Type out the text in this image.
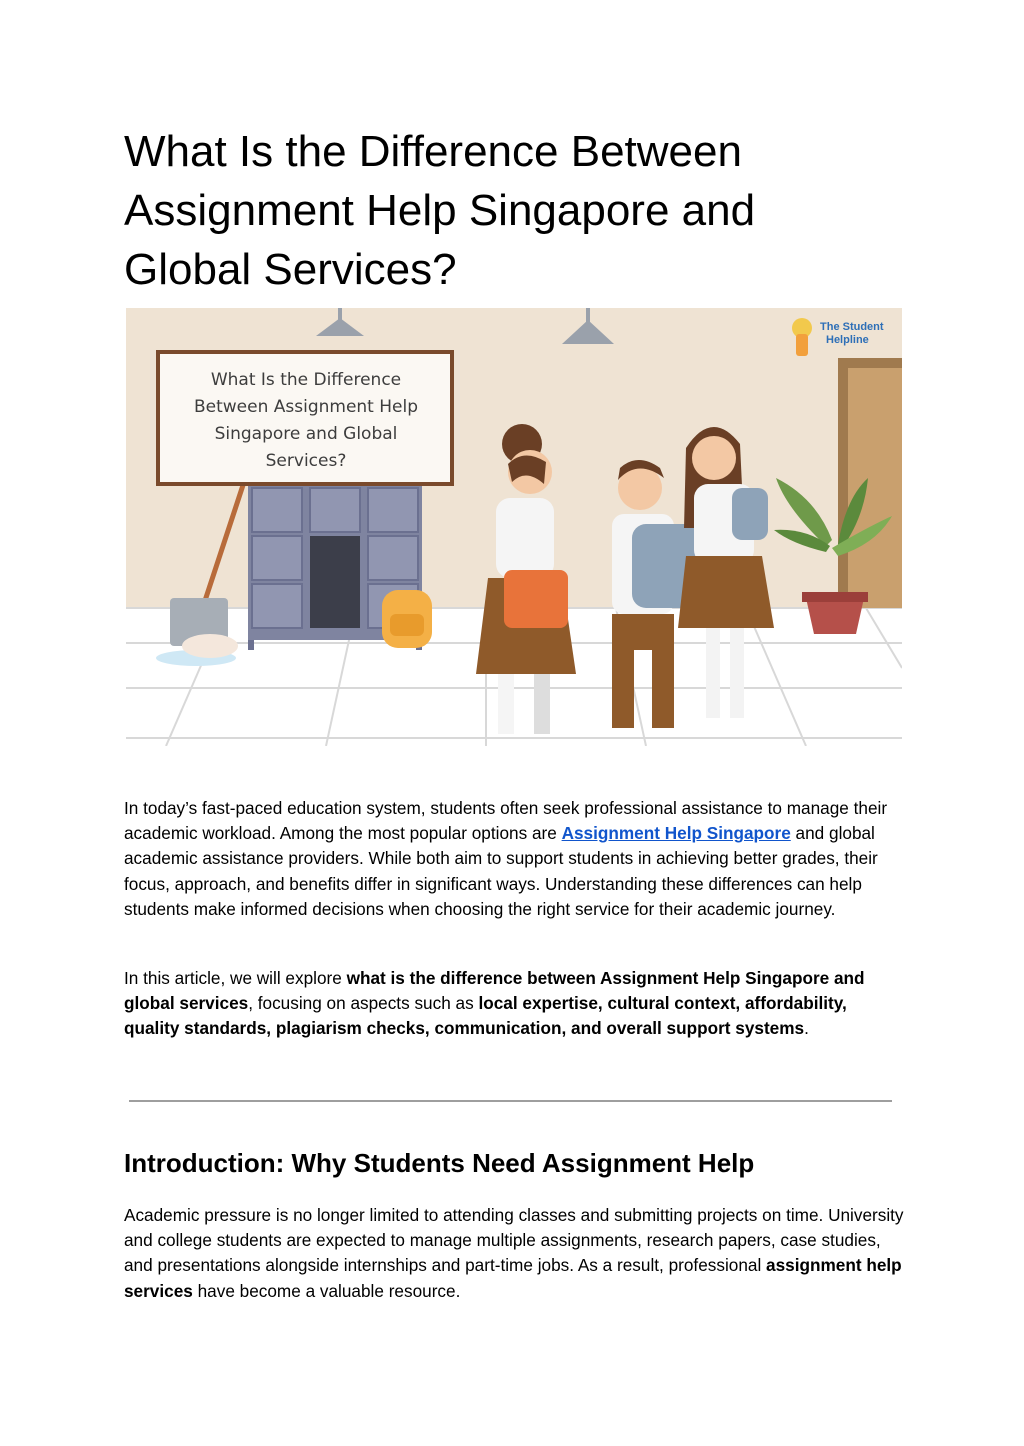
What Is the Difference Between Assignment Help Singapore and Global Services?
The Student
Helpline
What Is the Difference
Between Assignment Help
Singapore and Global
Services?

In today’s fast-paced education system, students often seek professional assistance to manage their academic workload. Among the most popular options are Assignment Help Singapore and global academic assistance providers. While both aim to support students in achieving better grades, their focus, approach, and benefits differ in significant ways. Understanding these differences can help students make informed decisions when choosing the right service for their academic journey.

In this article, we will explore what is the difference between Assignment Help Singapore and global services, focusing on aspects such as local expertise, cultural context, affordability, quality standards, plagiarism checks, communication, and overall support systems.

Introduction: Why Students Need Assignment Help

Academic pressure is no longer limited to attending classes and submitting projects on time. University and college students are expected to manage multiple assignments, research papers, case studies, and presentations alongside internships and part-time jobs. As a result, professional assignment help services have become a valuable resource.
